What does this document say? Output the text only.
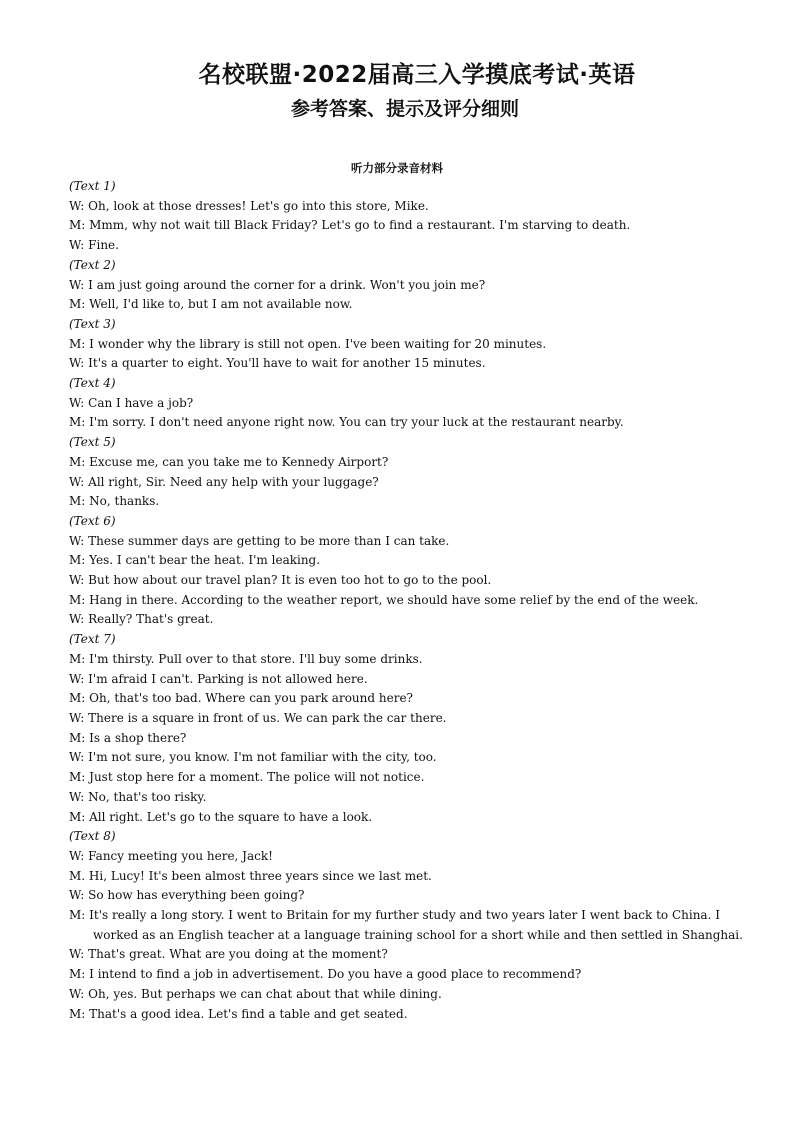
名校联盟·2022届高三入学摸底考试·英语
参考答案、提示及评分细则
听力部分录音材料

(Text 1)

W: Oh, look at those dresses! Let's go into this store, Mike.

M: Mmm, why not wait till Black Friday? Let's go to find a restaurant. I'm starving to death.

W: Fine.

(Text 2)

W: I am just going around the corner for a drink. Won't you join me?

M: Well, I'd like to, but I am not available now.

(Text 3)

M: I wonder why the library is still not open. I've been waiting for 20 minutes.

W: It's a quarter to eight. You'll have to wait for another 15 minutes.

(Text 4)

W: Can I have a job?

M: I'm sorry. I don't need anyone right now. You can try your luck at the restaurant nearby.

(Text 5)

M: Excuse me, can you take me to Kennedy Airport?

W: All right, Sir. Need any help with your luggage?

M: No, thanks.

(Text 6)

W: These summer days are getting to be more than I can take.

M: Yes. I can't bear the heat. I'm leaking.

W: But how about our travel plan? It is even too hot to go to the pool.

M: Hang in there. According to the weather report, we should have some relief by the end of the week.

W: Really? That's great.

(Text 7)

M: I'm thirsty. Pull over to that store. I'll buy some drinks.

W: I'm afraid I can't. Parking is not allowed here.

M: Oh, that's too bad. Where can you park around here?

W: There is a square in front of us. We can park the car there.

M: Is a shop there?

W: I'm not sure, you know. I'm not familiar with the city, too.

M: Just stop here for a moment. The police will not notice.

W: No, that's too risky.

M: All right. Let's go to the square to have a look.

(Text 8)

W: Fancy meeting you here, Jack!

M. Hi, Lucy! It's been almost three years since we last met.

W: So how has everything been going?

M: It's really a long story. I went to Britain for my further study and two years later I went back to China. I

worked as an English teacher at a language training school for a short while and then settled in Shanghai.

W: That's great. What are you doing at the moment?

M: I intend to find a job in advertisement. Do you have a good place to recommend?

W: Oh, yes. But perhaps we can chat about that while dining.

M: That's a good idea. Let's find a table and get seated.
